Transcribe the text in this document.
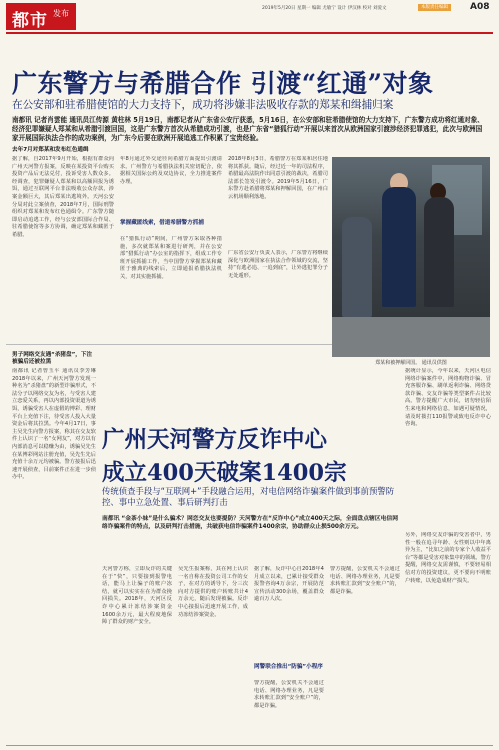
都市 发布
2019年5月20日 星期一 编辑 尤敏宁 设计 伊汉林 校对 刘爱文	本版责任编辑	A08
广东警方与希腊合作 引渡“红通”对象
在公安部和驻希腊使馆的大力支持下，成功将涉嫌非法吸收存款的郑某和缉捕归案
南都讯 记者肖雲能 通讯员江传源 黄柱林 5月19日，南都记者从广东省公安厅获悉，5月16日，在公安部和驻希腊使馆的大力支持下，广东警方成功将红通对象、经济犯罪嫌疑人郑某和从希腊引渡回国，这是广东警方首次从希腊成功引渡，也是广东省“猎狐行动”开展以来首次从欧洲国家引渡涉经济犯罪逃犯，此次与欧洲国家开展国际执法合作的成功案例，为广东今后要在欧洲开展追逃工作积累了宝贵经验。
去年7月对郑某和发布红色通缉
据了解，自2017年9月开始，根据有群众向广州天河警方报案，反映在某投资平台购买投资产品后无法兑付，投诉受害人数众多。经调查，犯罪嫌疑人郑某和以高额回报为诱饵，通过互联网平台非法吸收公众存款，涉案金额巨大，其后郑某出逃境外。天河公安分局对此立案侦查，2018年7月，国际刑警组织对郑某和发布红色通缉令。广东警方随即启动追逃工作，经与公安部国际合作局、驻希腊使馆等多方协调，确定郑某和藏匿于希腊。
年8月通过外交途径向希腊方面提出引渡请求。广州警方与希腊执法机关密切配合，依据相关国际公约及双边协议，全力推进案件办理。
掌握藏匿线索，借道希腊警方抓捕
在“猎狐行动”期间，广州警方采取各种措施，多次就郑某和案进行研判，并在公安部“猎狐行动”办公室的指挥下，组成工作专班开展抓捕工作，当中国警方掌握郑某和藏匿于雅典的线索后，立即通报希腊执法机关，对其实施抓捕。
2018年8月3日，希腊警方在郑某和居住地将其抓获。随后，经过近一年的司法程序，希腊最高法院作出同意引渡的裁决，希腊司法部长签发引渡令。2019年5月16日，广东警方赴希腊将郑某和押解回国，在广州白云机场顺利落地。
广东省公安厅负责人表示，广东警方将继续深化与欧洲国家在执法合作领域的交流，坚持“有逃必追、一追到底”，让外逃犯罪分子无处遁形。
郑某和被押解回国。 通讯员供图
男子网络交友遇“杀猪盘”，下注被骗后还被拉黑
南都讯 记者曾玉平 通讯员李芳琳 2018年以来，广州天河警方发现一种名为“杀猪盘”的新型诈骗形式，不法分子以网络交友为名，与受害人建立恋爱关系，再以内部投资渠道为诱饵，诱骗受害人在虚假的博彩、理财平台上充值下注，待受害人投入大量资金后将其拉黑。今年4月17日，事主吴先生向警方报案，称其在交友软件上认识了一名“女网友”，对方以有内部消息可以稳赚为由，诱骗吴先生在某博彩网站注册充值，吴先生先后充值十余万元均被骗。警方接报后迅速开展侦查，目前案件正在进一步侦办中。
据统计显示，今年以来，天河区电信网络诈骗案件中，网络购物诈骗、冒充客服诈骗、刷单返利诈骗、网络贷款诈骗、交友诈骗等类型案件占比较高。警方提醒广大市民，切勿轻信陌生来电和网络信息，如遇可疑情况，请及时拨打110报警或致电反诈中心咨询。
另外，网络交友诈骗的受害者中，男性一般在追寻年龄、女性则以中年离异为主，“比如之前的专家个人收益平台”等都是受害对象集中的领域。警方提醒，网络交友需谨慎，不要轻易相信对方的投资建议，更不要向不明账户转账，以免造成财产损失。
广州天河警方反诈中心
成立400天破案1400宗
传统侦查手段与“互联网+”手段融合运用，对电信网络诈骗案件做到事前预警防控、事中立急处置、事后研判打击
南都讯 “金茶小妹”是什么骗术？网恋交友也要提防？天河警方在“反诈中心”成立400天之际，全面盘点辖区电信网络诈骗案件的特点，以及研判打击措施，共破获电信诈骗案件1400余宗，协助群众止损500余万元。
天河警方称，立即反诈的关键在于“快”，只要接到报警电话，能马上让骗子的账户冻结，就可以实实在在为群众挽回损失。2018年，天河区反诈中心累计冻结涉案资金1600余万元，最大程度地保障了群众的财产安全。
吴先生报案称，其在网上认识一名自称在投资公司工作的女子，在对方的诱导下，分三次向对方提供的账户转账共计4万余元，随后发现被骗。反诈中心接报后迅速开展工作，成功冻结涉案资金。
据了解，反诈中心自2018年4月成立以来，已累计接受群众报警咨询4万余宗，开展防范宣传活动300余场，覆盖群众逾百万人次。
网警联合推出“防骗”小程序
警方提醒，公安机关不会通过电话、网络办理业务，凡是要求转账汇款到“安全账户”的，都是诈骗。
警方提醒，公安机关不会通过电话、网络办理业务，凡是要求转账汇款到“安全账户”的，都是诈骗。
